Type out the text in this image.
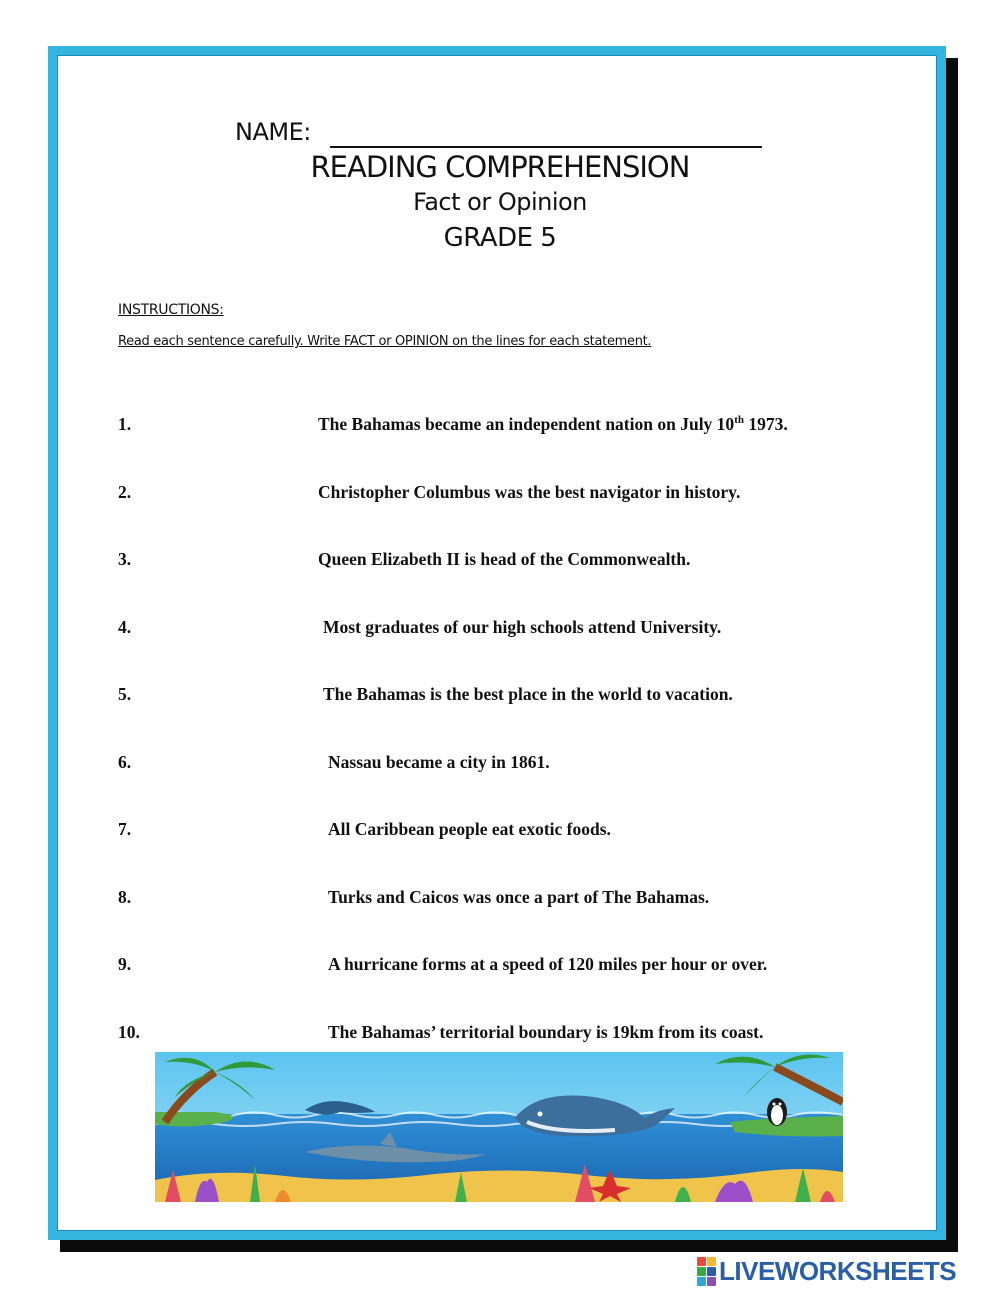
NAME:
READING COMPREHENSION
Fact or Opinion
GRADE 5
INSTRUCTIONS:
Read each sentence carefully. Write FACT or OPINION on the lines for each statement.
1.	The Bahamas became an independent nation on July 10th 1973.
2.	Christopher Columbus was the best navigator in history.
3.	Queen Elizabeth II is head of the Commonwealth.
4.	Most graduates of our high schools attend University.
5.	The Bahamas is the best place in the world to vacation.
6.	Nassau became a city in 1861.
7.	All Caribbean people eat exotic foods.
8.	Turks and Caicos was once a part of The Bahamas.
9.	A hurricane forms at a speed of 120 miles per hour or over.
10.	The Bahamas’ territorial boundary is 19km from its coast.
LIVEWORKSHEETS
